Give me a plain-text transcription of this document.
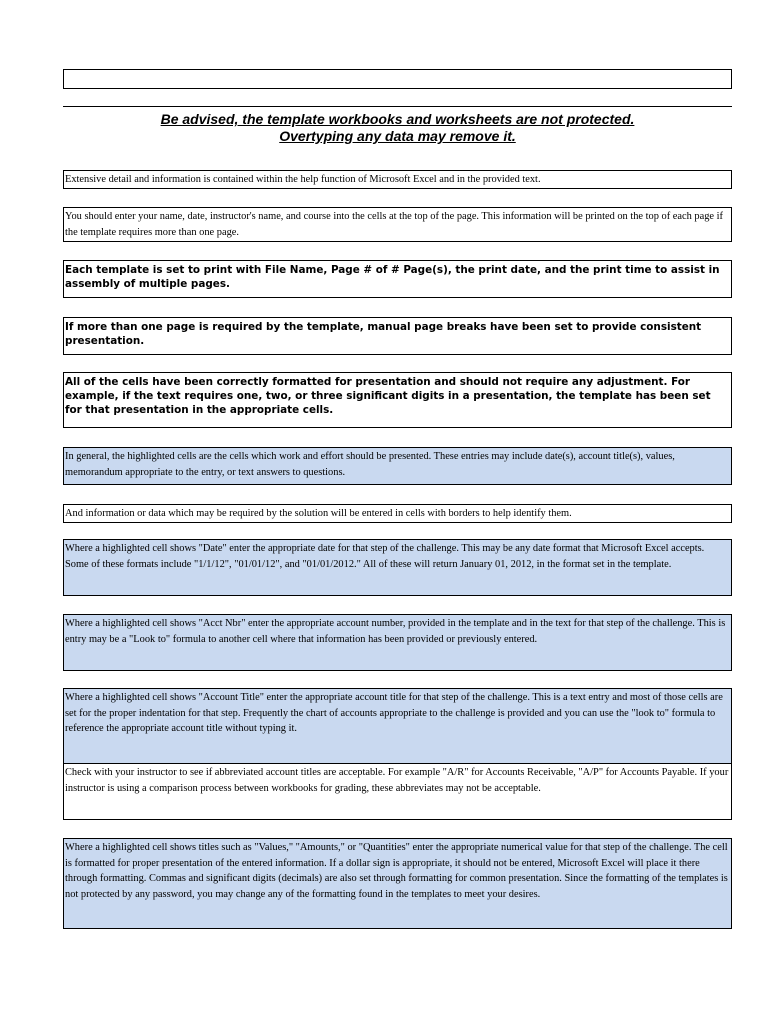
Be advised, the template workbooks and worksheets are not protected.
Overtyping any data may remove it.
Extensive detail and information is contained within the help function of Microsoft Excel and in the provided text.
You should enter your name, date, instructor's name, and course into the cells at the top of the page. This information will be printed on the top of each page if the template requires more than one page.
Each template is set to print with File Name, Page # of # Page(s), the print date, and the print time to assist in assembly of multiple pages.
If more than one page is required by the template, manual page breaks have been set to provide consistent presentation.
All of the cells have been correctly formatted for presentation and should not require any adjustment. For example, if the text requires one, two, or three significant digits in a presentation, the template has been set for that presentation in the appropriate cells.
In general, the highlighted cells are the cells which work and effort should be presented. These entries may include date(s), account title(s), values, memorandum appropriate to the entry, or text answers to questions.
And information or data which may be required by the solution will be entered in cells with borders to help identify them.
Where a highlighted cell shows "Date" enter the appropriate date for that step of the challenge. This may be any date format that Microsoft Excel accepts. Some of these formats include "1/1/12", "01/01/12", and "01/01/2012." All of these will return January 01, 2012, in the format set in the template.
Where a highlighted cell shows "Acct Nbr" enter the appropriate account number, provided in the template and in the text for that step of the challenge. This is entry may be a "Look to" formula to another cell where that information has been provided or previously entered.
Where a highlighted cell shows "Account Title" enter the appropriate account title for that step of the challenge. This is a text entry and most of those cells are set for the proper indentation for that step. Frequently the chart of accounts appropriate to the challenge is provided and you can use the "look to" formula to reference the appropriate account title without typing it.
Check with your instructor to see if abbreviated account titles are acceptable. For example "A/R" for Accounts Receivable, "A/P" for Accounts Payable. If your instructor is using a comparison process between workbooks for grading, these abbreviates may not be acceptable.
Where a highlighted cell shows titles such as "Values," "Amounts," or "Quantities" enter the appropriate numerical value for that step of the challenge. The cell is formatted for proper presentation of the entered information. If a dollar sign is appropriate, it should not be entered, Microsoft Excel will place it there through formatting. Commas and significant digits (decimals) are also set through formatting for common presentation. Since the formatting of the templates is not protected by any password, you may change any of the formatting found in the templates to meet your desires.
